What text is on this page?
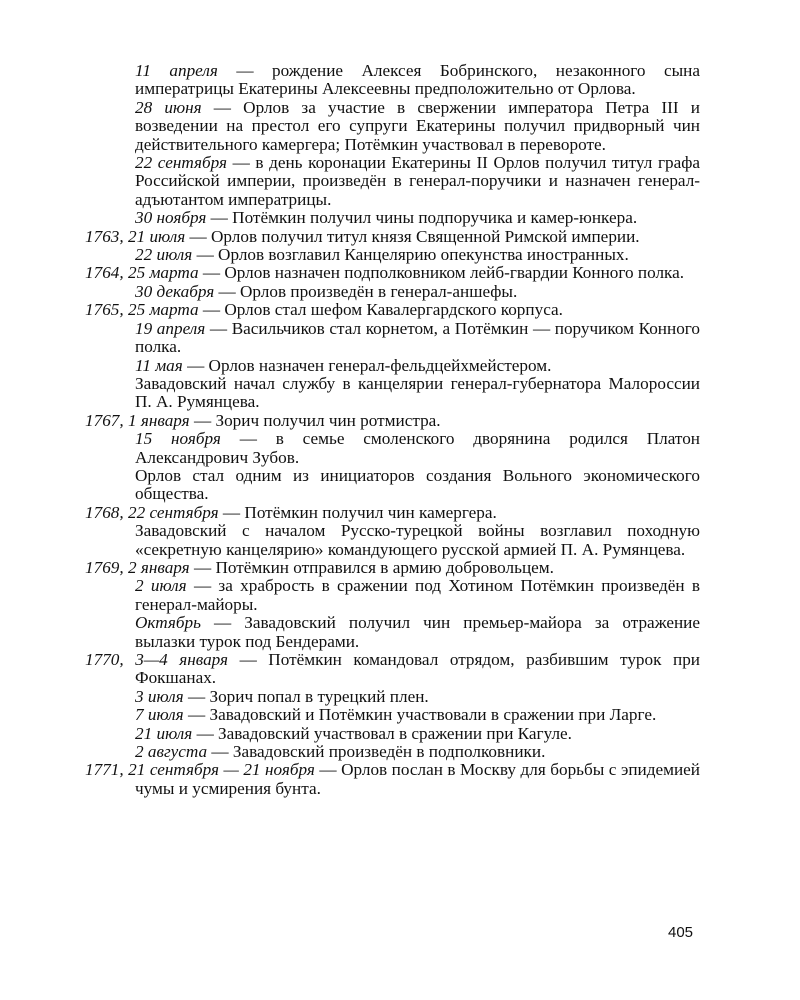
11 апреля — рождение Алексея Бобринского, незаконного сына императрицы Екатерины Алексеевны предположительно от Орлова.

28 июня — Орлов за участие в свержении императора Петра III и возведении на престол его супруги Екатерины получил придворный чин действительного камергера; Потёмкин участвовал в перевороте.

22 сентября — в день коронации Екатерины II Орлов получил титул графа Российской империи, произведён в генерал-поручики и назначен генерал-адъютантом императрицы.

30 ноября — Потёмкин получил чины подпоручика и камер-юнкера.

1763, 21 июля — Орлов получил титул князя Священной Римской империи.

22 июля — Орлов возглавил Канцелярию опекунства иностранных.

1764, 25 марта — Орлов назначен подполковником лейб-гвардии Конного полка.

30 декабря — Орлов произведён в генерал-аншефы.

1765, 25 марта — Орлов стал шефом Кавалергардского корпуса.

19 апреля — Васильчиков стал корнетом, а Потёмкин — поручиком Конного полка.

11 мая — Орлов назначен генерал-фельдцейхмейстером.

Завадовский начал службу в канцелярии генерал-губернатора Малороссии П. А. Румянцева.

1767, 1 января — Зорич получил чин ротмистра.

15 ноября — в семье смоленского дворянина родился Платон Александрович Зубов.

Орлов стал одним из инициаторов создания Вольного экономического общества.

1768, 22 сентября — Потёмкин получил чин камергера.

Завадовский с началом Русско-турецкой войны возглавил походную «секретную канцелярию» командующего русской армией П. А. Румянцева.

1769, 2 января — Потёмкин отправился в армию добровольцем.

2 июля — за храбрость в сражении под Хотином Потёмкин произведён в генерал-майоры.

Октябрь — Завадовский получил чин премьер-майора за отражение вылазки турок под Бендерами.

1770, 3—4 января — Потёмкин командовал отрядом, разбившим турок при Фокшанах.

3 июля — Зорич попал в турецкий плен.

7 июля — Завадовский и Потёмкин участвовали в сражении при Ларге.

21 июля — Завадовский участвовал в сражении при Кагуле.

2 августа — Завадовский произведён в подполковники.

1771, 21 сентября — 21 ноября — Орлов послан в Москву для борьбы с эпидемией чумы и усмирения бунта.

405
